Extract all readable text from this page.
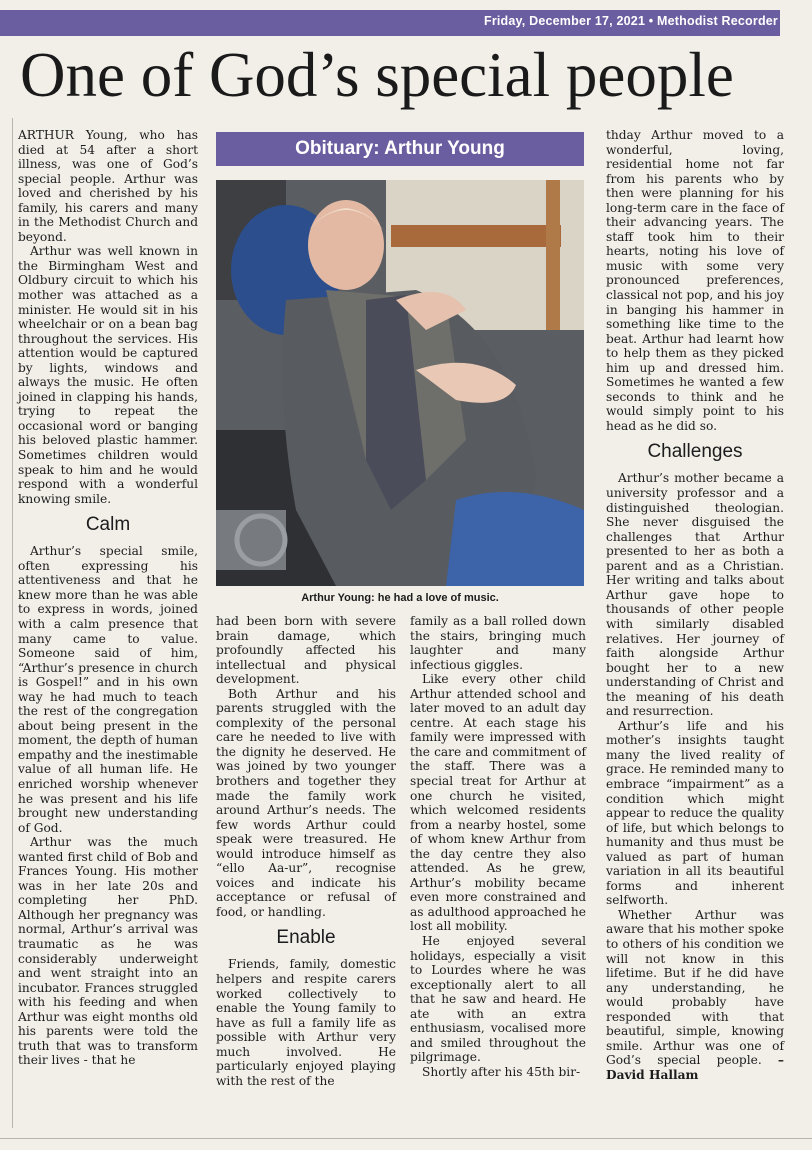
Friday, December 17, 2021 • Methodist Recorder
One of God’s special people

ARTHUR Young, who has died at 54 after a short illness, was one of God’s special people. Arthur was loved and cherished by his family, his carers and many in the Methodist Church and beyond.

Arthur was well known in the Birmingham West and Oldbury circuit to which his mother was attached as a minister. He would sit in his wheelchair or on a bean bag throughout the services. His attention would be captured by lights, windows and always the music. He often joined in clapping his hands, trying to repeat the occasional word or banging his beloved plastic hammer. Sometimes children would speak to him and he would respond with a wonderful knowing smile.

Calm

Arthur’s special smile, often expressing his attentiveness and that he knew more than he was able to express in words, joined with a calm presence that many came to value. Someone said of him, “Arthur’s presence in church is Gospel!” and in his own way he had much to teach the rest of the congregation about being present in the moment, the depth of human empathy and the inestimable value of all human life. He enriched worship whenever he was present and his life brought new understanding of God.

Arthur was the much wanted first child of Bob and Frances Young. His mother was in her late 20s and completing her PhD. Although her pregnancy was normal, Arthur’s arrival was traumatic as he was considerably underweight and went straight into an incubator. Frances struggled with his feeding and when Arthur was eight months old his parents were told the truth that was to transform their lives - that he

Obituary: Arthur Young
Arthur Young: he had a love of music.

had been born with severe brain damage, which profoundly affected his intellectual and physical development.

Both Arthur and his parents struggled with the complexity of the personal care he needed to live with the dignity he deserved. He was joined by two younger brothers and together they made the family work around Arthur’s needs. The few words Arthur could speak were treasured. He would introduce himself as “ello Aa-ur”, recognise voices and indicate his acceptance or refusal of food, or handling.

Enable

Friends, family, domestic helpers and respite carers worked collectively to enable the Young family to have as full a family life as possible with Arthur very much involved. He particularly enjoyed playing with the rest of the

family as a ball rolled down the stairs, bringing much laughter and many infectious giggles.

Like every other child Arthur attended school and later moved to an adult day centre. At each stage his family were impressed with the care and commitment of the staff. There was a special treat for Arthur at one church he visited, which welcomed residents from a nearby hostel, some of whom knew Arthur from the day centre they also attended. As he grew, Arthur’s mobility became even more constrained and as adulthood approached he lost all mobility.

He enjoyed several holidays, especially a visit to Lourdes where he was exceptionally alert to all that he saw and heard. He ate with an extra enthusiasm, vocalised more and smiled throughout the pilgrimage.

Shortly after his 45th bir-

thday Arthur moved to a wonderful, loving, residential home not far from his parents who by then were planning for his long-term care in the face of their advancing years. The staff took him to their hearts, noting his love of music with some very pronounced preferences, classical not pop, and his joy in banging his hammer in something like time to the beat. Arthur had learnt how to help them as they picked him up and dressed him. Sometimes he wanted a few seconds to think and he would simply point to his head as he did so.

Challenges

Arthur’s mother became a university professor and a distinguished theologian. She never disguised the challenges that Arthur presented to her as both a parent and as a Christian. Her writing and talks about Arthur gave hope to thousands of other people with similarly disabled relatives. Her journey of faith alongside Arthur bought her to a new understanding of Christ and the meaning of his death and resurrection.

Arthur’s life and his mother’s insights taught many the lived reality of grace. He reminded many to embrace “impairment” as a condition which might appear to reduce the quality of life, but which belongs to humanity and thus must be valued as part of human variation in all its beautiful forms and inherent selfworth.

Whether Arthur was aware that his mother spoke to others of his condition we will not know in this lifetime. But if he did have any understanding, he would probably have responded with that beautiful, simple, knowing smile. Arthur was one of God’s special people. – David Hallam
